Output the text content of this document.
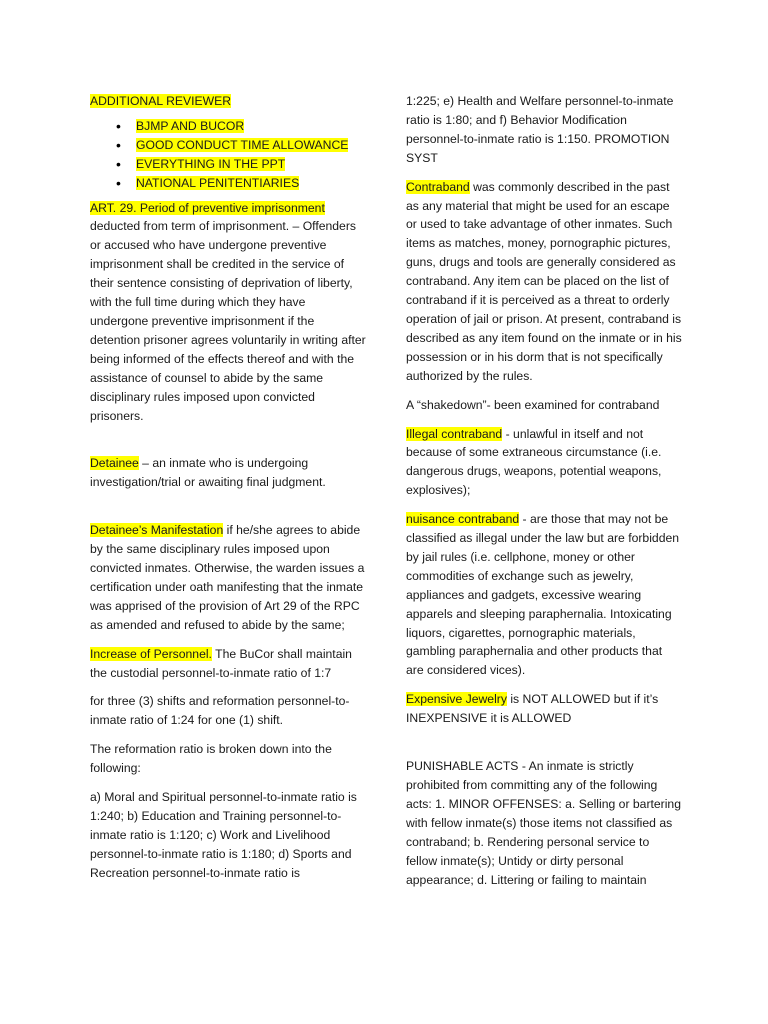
ADDITIONAL REVIEWER

• BJMP AND BUCOR
• GOOD CONDUCT TIME ALLOWANCE
• EVERYTHING IN THE PPT
• NATIONAL PENITENTIARIES

ART. 29. Period of preventive imprisonment deducted from term of imprisonment. – Offenders or accused who have undergone preventive imprisonment shall be credited in the service of their sentence consisting of deprivation of liberty, with the full time during which they have undergone preventive imprisonment if the detention prisoner agrees voluntarily in writing after being informed of the effects thereof and with the assistance of counsel to abide by the same disciplinary rules imposed upon convicted prisoners.

Detainee – an inmate who is undergoing investigation/trial or awaiting final judgment.

Detainee’s Manifestation if he/she agrees to abide by the same disciplinary rules imposed upon convicted inmates. Otherwise, the warden issues a certification under oath manifesting that the inmate was apprised of the provision of Art 29 of the RPC as amended and refused to abide by the same;

Increase of Personnel. The BuCor shall maintain the custodial personnel-to-inmate ratio of 1:7

for three (3) shifts and reformation personnel-to-inmate ratio of 1:24 for one (1) shift.

The reformation ratio is broken down into the following:

a) Moral and Spiritual personnel-to-inmate ratio is 1:240; b) Education and Training personnel-to-inmate ratio is 1:120; c) Work and Livelihood personnel-to-inmate ratio is 1:180; d) Sports and Recreation personnel-to-inmate ratio is

1:225; e) Health and Welfare personnel-to-inmate ratio is 1:80; and f) Behavior Modification personnel-to-inmate ratio is 1:150. PROMOTION SYST

Contraband was commonly described in the past as any material that might be used for an escape or used to take advantage of other inmates. Such items as matches, money, pornographic pictures, guns, drugs and tools are generally considered as contraband. Any item can be placed on the list of contraband if it is perceived as a threat to orderly operation of jail or prison. At present, contraband is described as any item found on the inmate or in his possession or in his dorm that is not specifically authorized by the rules.

A “shakedown”- been examined for contraband

Illegal contraband - unlawful in itself and not because of some extraneous circumstance (i.e. dangerous drugs, weapons, potential weapons, explosives);

nuisance contraband - are those that may not be classified as illegal under the law but are forbidden by jail rules (i.e. cellphone, money or other commodities of exchange such as jewelry, appliances and gadgets, excessive wearing apparels and sleeping paraphernalia. Intoxicating liquors, cigarettes, pornographic materials, gambling paraphernalia and other products that are considered vices).

Expensive Jewelry is NOT ALLOWED but if it’s INEXPENSIVE it is ALLOWED

PUNISHABLE ACTS - An inmate is strictly prohibited from committing any of the following acts: 1. MINOR OFFENSES: a. Selling or bartering with fellow inmate(s) those items not classified as contraband; b. Rendering personal service to fellow inmate(s); Untidy or dirty personal appearance; d. Littering or failing to maintain
